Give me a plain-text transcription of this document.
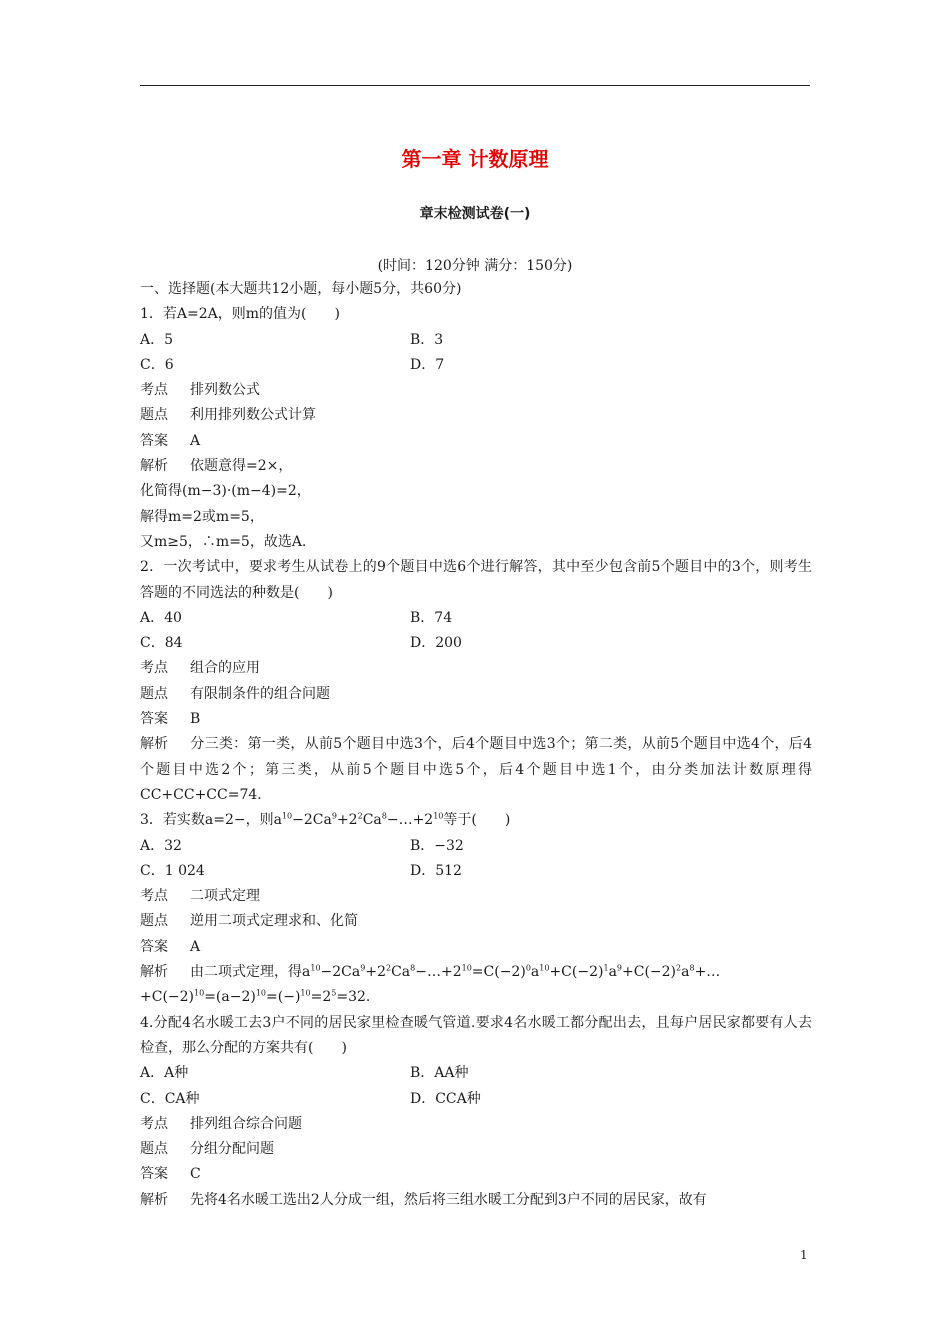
第一章 计数原理
章末检测试卷(一)
(时间：120分钟 满分：150分)
一、选择题(本大题共12小题，每小题5分，共60分)
1．若A=2A，则m的值为(　　)
A．5	B．3
C．6	D．7
考点 排列数公式
题点 利用排列数公式计算
答案 A
解析 依题意得=2×，
化简得(m−3)·(m−4)=2，
解得m=2或m=5，
又m≥5，∴m=5，故选A.
2．一次考试中，要求考生从试卷上的9个题目中选6个进行解答，其中至少包含前5个题目中的3个，则考生答题的不同选法的种数是(　　)
A．40	B．74
C．84	D．200
考点 组合的应用
题点 有限制条件的组合问题
答案 B
解析 分三类：第一类，从前5个题目中选3个，后4个题目中选3个；第二类，从前5个题目中选4个，后4个题目中选2个；第三类，从前5个题目中选5个，后4个题目中选1个，由分类加法计数原理得CC+CC+CC=74.
3．若实数a=2−，则$a^{10}-2Ca^9+2^2Ca^8-\dots+2^{10}$等于(　　)
A．32	B．−32
C．1 024	D．512
考点 二项式定理
题点 逆用二项式定理求和、化简
答案 A
解析 由二项式定理，得$a^{10}-2Ca^9+2^2Ca^8-\dots+2^{10}=C(-2)^0a^{10}+C(-2)^1a^9+C(-2)^2a^8+\dots$
$+C(-2)^{10}=(a-2)^{10}=(-)^{10}=2^5=32$.
4.分配4名水暖工去3户不同的居民家里检查暖气管道.要求4名水暖工都分配出去，且每户居民家都要有人去检查，那么分配的方案共有(　　)
A．A种	B．AA种
C．CA种	D．CCA种
考点 排列组合综合问题
题点 分组分配问题
答案 C
解析 先将4名水暖工选出2人分成一组，然后将三组水暖工分配到3户不同的居民家，故有
1
